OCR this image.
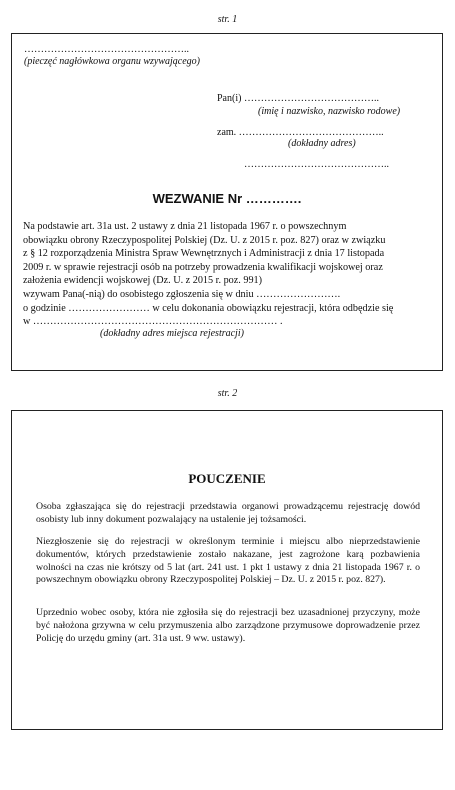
str. 1
…………………………………………..
(pieczęć nagłówkowa organu wzywającego)
Pan(i) …………………………………..
(imię i nazwisko, nazwisko rodowe)
zam. ……………………………………..
(dokładny adres)
……………………………………..
WEZWANIE Nr ………….
Na podstawie art. 31a ust. 2 ustawy z dnia 21 listopada 1967 r. o powszechnym
obowiązku obrony Rzeczypospolitej Polskiej (Dz. U. z 2015 r. poz. 827) oraz w związku
z § 12 rozporządzenia Ministra Spraw Wewnętrznych i Administracji z dnia 17 listopada
2009 r. w sprawie rejestracji osób na potrzeby prowadzenia kwalifikacji wojskowej oraz
założenia ewidencji wojskowej (Dz. U. z 2015 r. poz. 991)
wzywam Pana(-nią) do osobistego zgłoszenia się w dniu …………………….
o godzinie …………………… w celu dokonania obowiązku rejestracji, która odbędzie się
w ……………………………………………………………… .
(dokładny adres miejsca rejestracji)
str. 2
POUCZENIE
Osoba zgłaszająca się do rejestracji przedstawia organowi prowadzącemu rejestrację dowód osobisty lub inny dokument pozwalający na ustalenie jej tożsamości.
Niezgłoszenie się do rejestracji w określonym terminie i miejscu albo nieprzedstawienie dokumentów, których przedstawienie zostało nakazane, jest zagrożone karą pozbawienia wolności na czas nie krótszy od 5 lat (art. 241 ust. 1 pkt 1 ustawy z dnia 21 listopada 1967 r. o powszechnym obowiązku obrony Rzeczypospolitej Polskiej – Dz. U. z 2015 r. poz. 827).
Uprzednio wobec osoby, która nie zgłosiła się do rejestracji bez uzasadnionej przyczyny, może być nałożona grzywna w celu przymuszenia albo zarządzone przymusowe doprowadzenie przez Policję do urzędu gminy (art. 31a ust. 9 ww. ustawy).
